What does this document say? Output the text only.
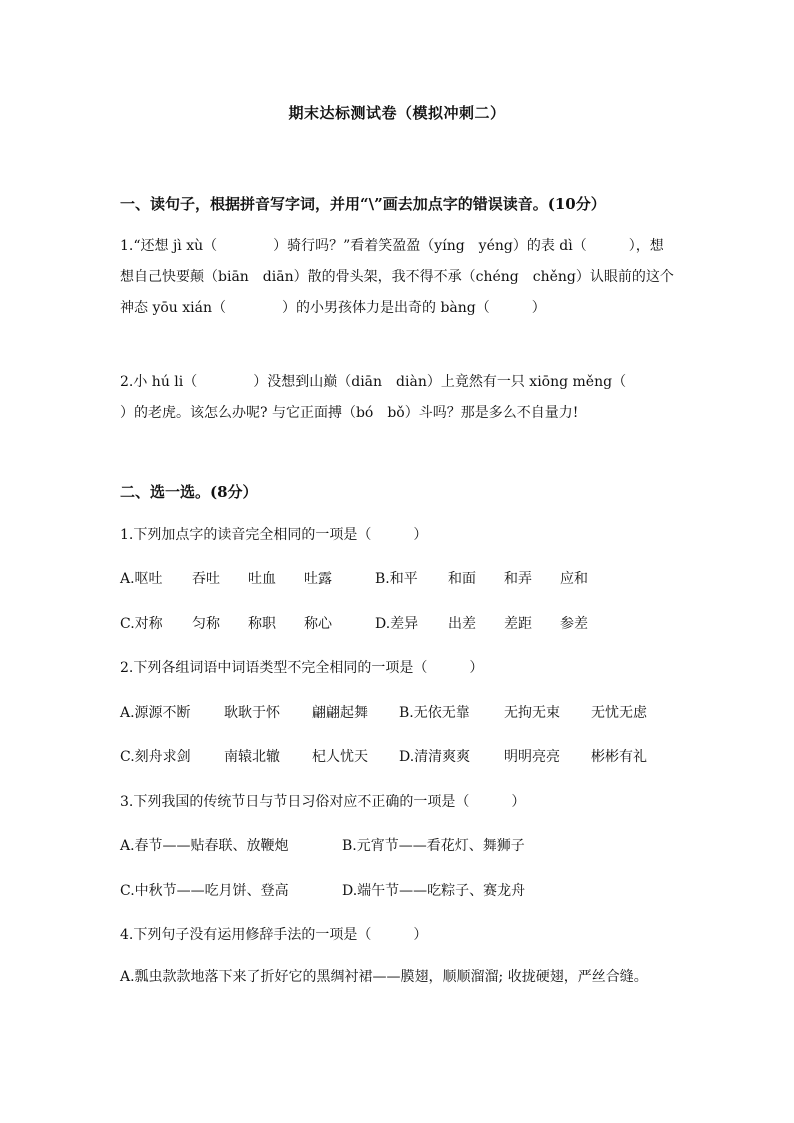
期末达标测试卷（模拟冲刺二）
一、读句子，根据拼音写字词，并用“\”画去加点字的错误读音。(10分）
1.“还想 jì xù（　　　　）骑行吗？”看着笑盈盈（yíng　yéng）的表 dì（　　　），想想自己快要颠（biān　diān）散的骨头架，我不得不承（chéng　chěng）认眼前的这个神态 yōu xián（　　　　）的小男孩体力是出奇的 bàng（　　　）
2.小 hú li（　　　　）没想到山巅（diān　diàn）上竟然有一只 xiōng měng（　　　　　）的老虎。该怎么办呢? 与它正面搏（bó　bǒ）斗吗？那是多么不自量力!
二、选一选。(8分）
1.下列加点字的读音完全相同的一项是（　　　）
A.呕吐 吞吐 吐血 吐露	B.和平 和面 和弄 应和
C.对称 匀称 称职 称心	D.差异 出差 差距 参差
2.下列各组词语中词语类型不完全相同的一项是（　　　）
A.源源不断 耿耿于怀 翩翩起舞 B.无依无靠 无拘无束 无忧无虑
C.刻舟求剑 南辕北辙 杞人忧天 D.清清爽爽 明明亮亮 彬彬有礼
3.下列我国的传统节日与节日习俗对应不正确的一项是（　　　）
A.春节——贴春联、放鞭炮	B.元宵节——看花灯、舞狮子
C.中秋节——吃月饼、登高	D.端午节——吃粽子、赛龙舟
4.下列句子没有运用修辞手法的一项是（　　　）
A.瓢虫款款地落下来了折好它的黑绸衬裙——膜翅，顺顺溜溜; 收拢硬翅，严丝合缝。
